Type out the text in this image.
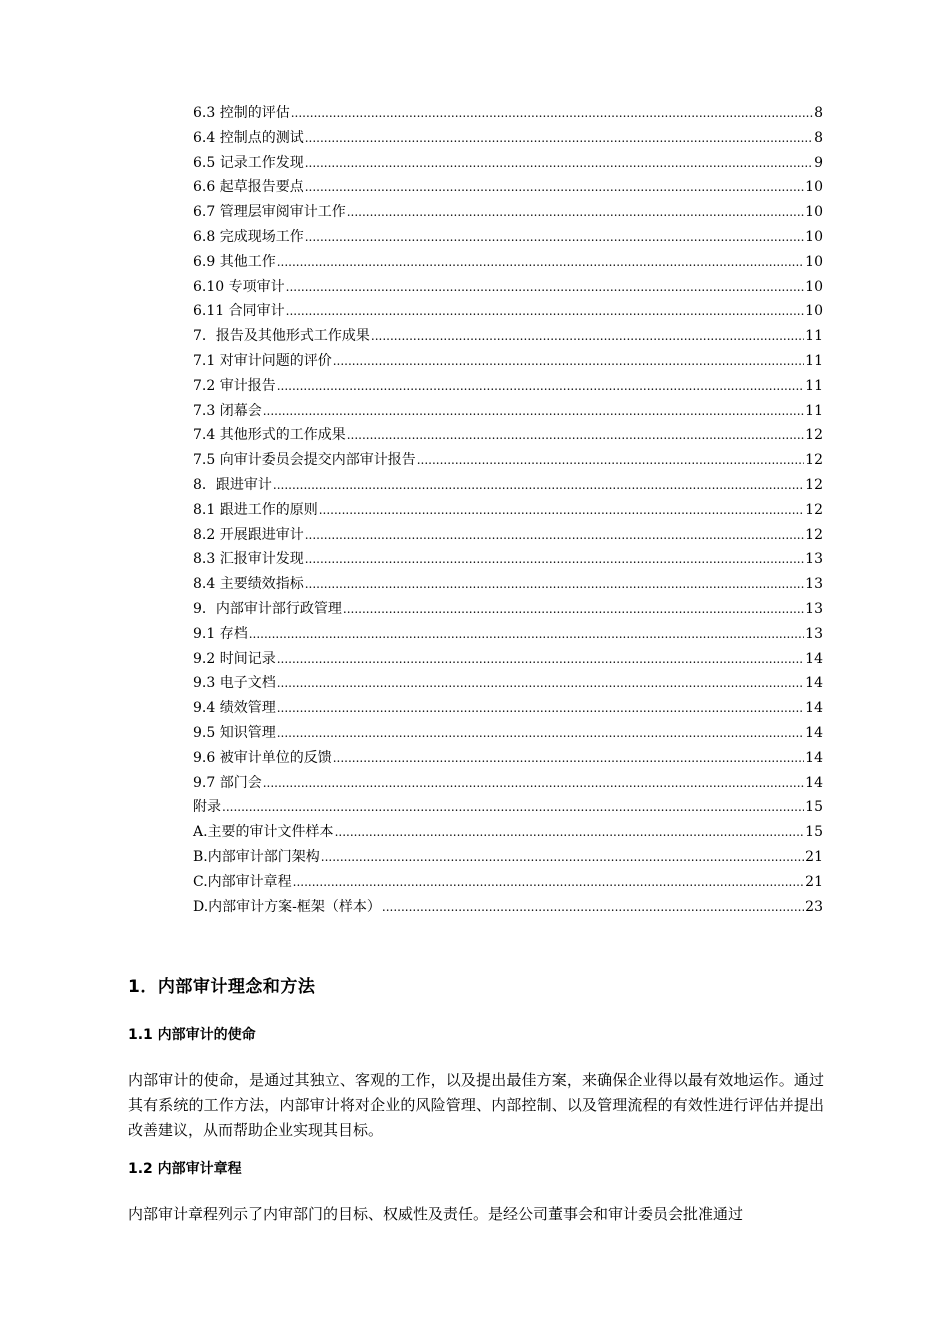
6.3 控制的评估 .....	8
6.4 控制点的测试 .....	8
6.5 记录工作发现 .....	9
6.6 起草报告要点 .....	10
6.7 管理层审阅审计工作 .....	10
6.8 完成现场工作 .....	10
6.9 其他工作 .....	10
6.10 专项审计 .....	10
6.11 合同审计 .....	10
7．报告及其他形式工作成果 .....	11
7.1 对审计问题的评价 .....	11
7.2 审计报告 .....	11
7.3 闭幕会 .....	11
7.4 其他形式的工作成果 .....	12
7.5 向审计委员会提交内部审计报告 .....	12
8．跟进审计 .....	12
8.1 跟进工作的原则 .....	12
8.2 开展跟进审计 .....	12
8.3 汇报审计发现 .....	13
8.4 主要绩效指标 .....	13
9．内部审计部行政管理 .....	13
9.1 存档 .....	13
9.2 时间记录 .....	14
9.3 电子文档 .....	14
9.4 绩效管理 .....	14
9.5 知识管理 .....	14
9.6 被审计单位的反馈 .....	14
9.7 部门会 .....	14
附录 .....	15
A.主要的审计文件样本 .....	15
B.内部审计部门架构 .....	21
C.内部审计章程 .....	21
D.内部审计方案-框架（样本） .....	23
1．内部审计理念和方法
1.1 内部审计的使命
内部审计的使命，是通过其独立、客观的工作，以及提出最佳方案，来确保企业得以最有效地运作。通过其有系统的工作方法，内部审计将对企业的风险管理、内部控制、以及管理流程的有效性进行评估并提出改善建议，从而帮助企业实现其目标。
1.2 内部审计章程
内部审计章程列示了内审部门的目标、权威性及责任。是经公司董事会和审计委员会批准通过
